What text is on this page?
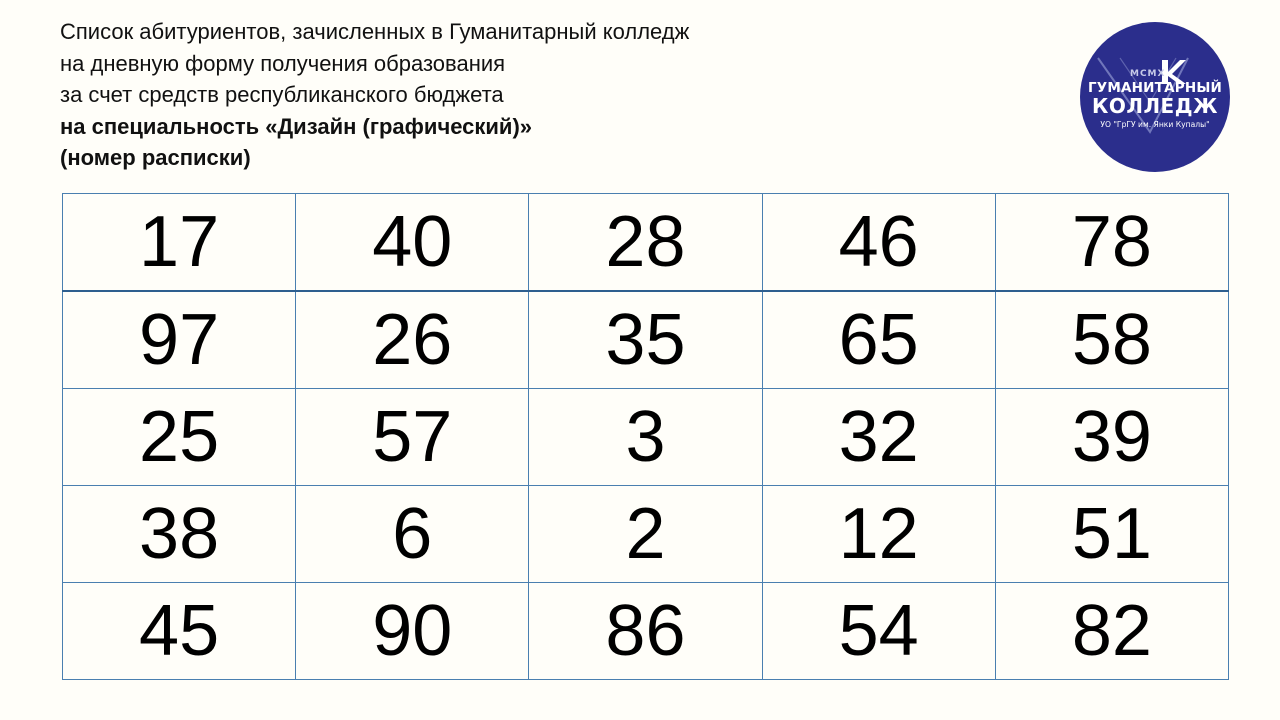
Список абитуриентов, зачисленных в Гуманитарный колледж
на дневную форму получения образования
за счет средств республиканского бюджета
на специальность «Дизайн (графический)»
(номер расписки)
MCMX
ГУМАНИТАРНЫЙ
КОЛЛЕДЖ
УО "ГрГУ им. Янки Купалы"
17	40	28	46	78
97	26	35	65	58
25	57	3	32	39
38	6	2	12	51
45	90	86	54	82
